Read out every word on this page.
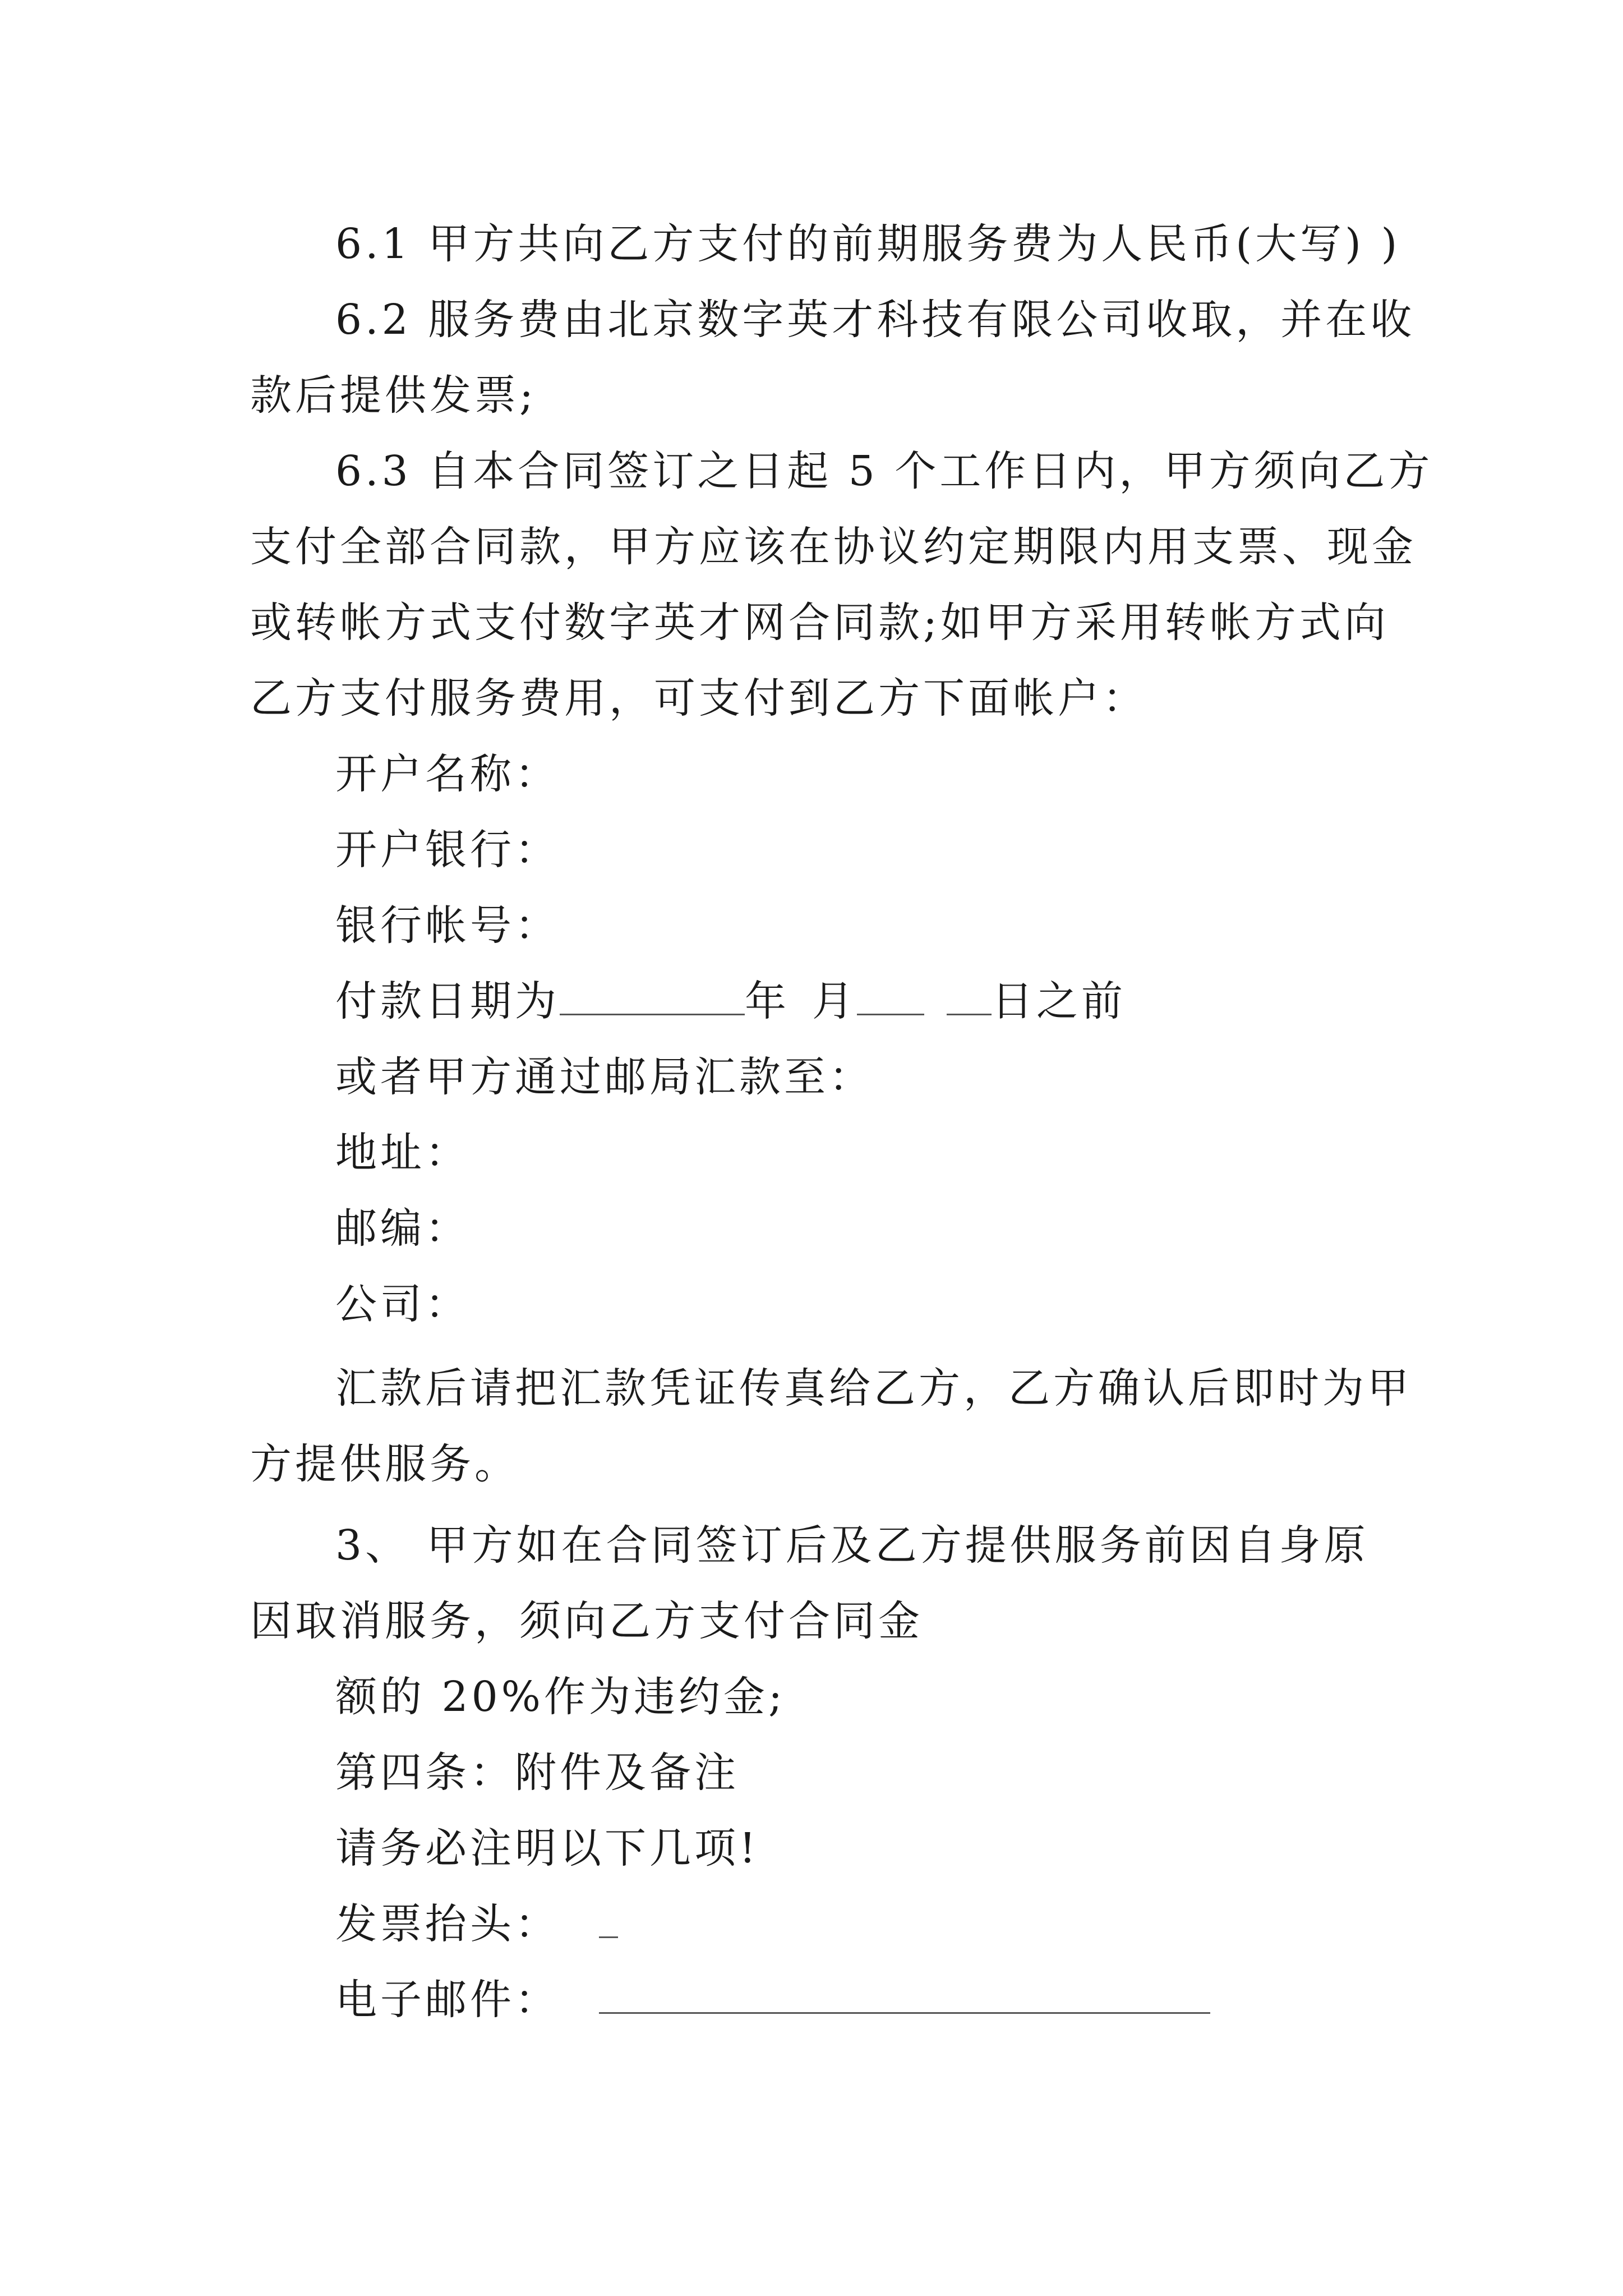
6.1 甲方共向乙方支付的前期服务费为人民币(大写) )
6.2 服务费由北京数字英才科技有限公司收取，并在收
款后提供发票;
6.3 自本合同签订之日起 5 个工作日内，甲方须向乙方
支付全部合同款，甲方应该在协议约定期限内用支票、现金
或转帐方式支付数字英才网合同款;如甲方采用转帐方式向
乙方支付服务费用，可支付到乙方下面帐户：
开户名称：
开户银行：
银行帐号：
付款日期为	年 月	日之前
或者甲方通过邮局汇款至：
地址：
邮编：
公司：
汇款后请把汇款凭证传真给乙方，乙方确认后即时为甲
方提供服务。
3、 甲方如在合同签订后及乙方提供服务前因自身原
因取消服务，须向乙方支付合同金
额的 20%作为违约金;
第四条：附件及备注
请务必注明以下几项!
发票抬头：
电子邮件：
